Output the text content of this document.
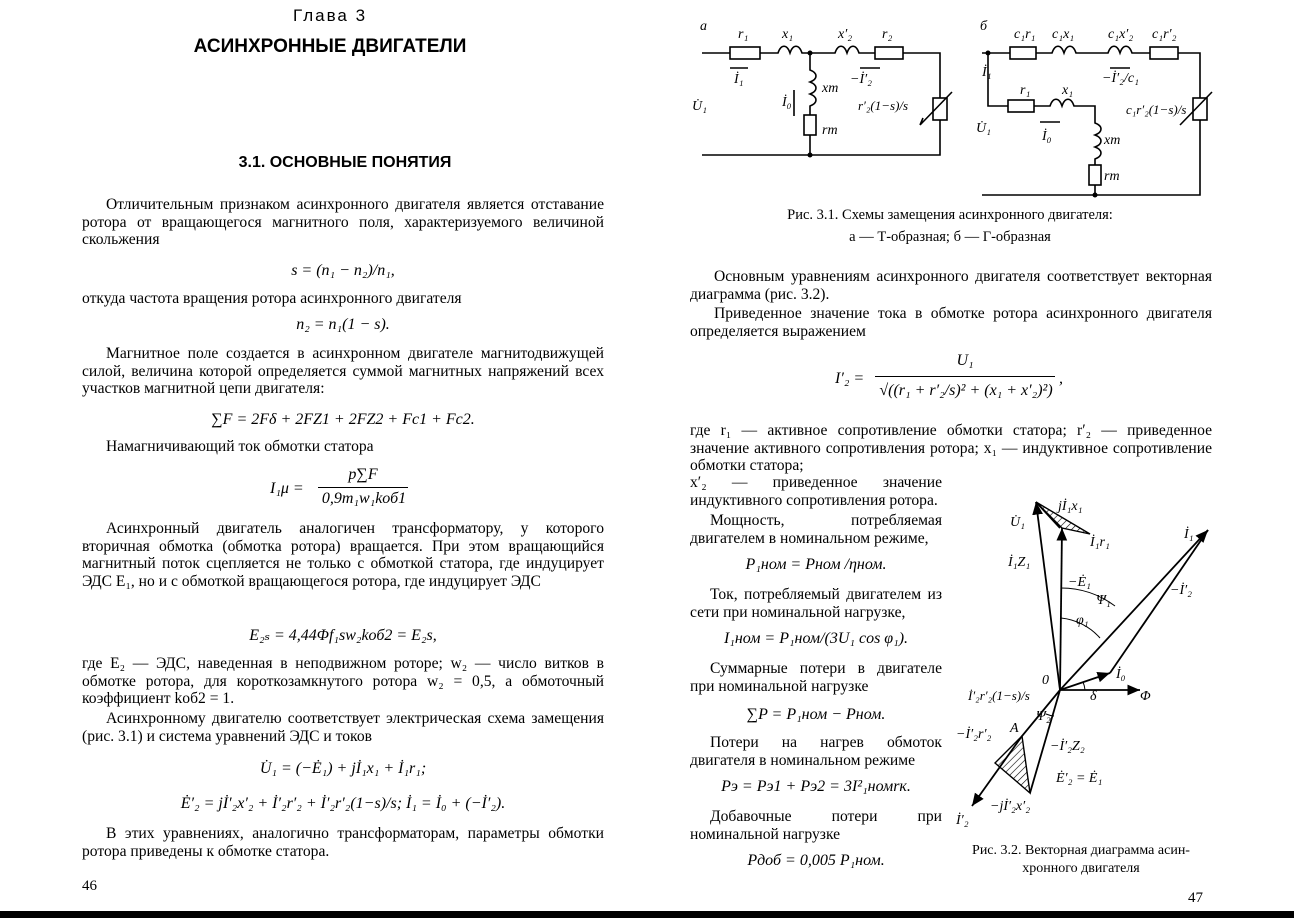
Глава 3
АСИНХРОННЫЕ ДВИГАТЕЛИ
3.1. ОСНОВНЫЕ ПОНЯТИЯ
Отличительным признаком асинхронного двигателя является отставание ротора от вращающегося магнитного поля, характеризуемого величиной скольжения
s = (n₁ − n₂)/n₁,
откуда частота вращения ротора асинхронного двигателя
n₂ = n₁(1 − s).
Магнитное поле создается в асинхронном двигателе магнитодвижущей силой, величина которой определяется суммой магнитных напряжений всех участков магнитной цепи двигателя:
∑F = 2Fδ + 2FZ1 + 2FZ2 + Fc1 + Fc2.
Намагничивающий ток обмотки статора
I₁μ =
p∑F
0,9m₁w₁kоб1
Асинхронный двигатель аналогичен трансформатору, у которого вторичная обмотка (обмотка ротора) вращается. При этом вращающийся магнитный поток сцепляется не только с обмоткой статора, где индуцирует ЭДС E₁, но и с обмоткой вращающегося ротора, где индуцирует ЭДС
E₂ₛ = 4,44Φf₁sw₂kоб2 = E₂s,
где E₂ — ЭДС, наведенная в неподвижном роторе; w₂ — число витков в обмотке ротора, для короткозамкнутого ротора w₂ = 0,5, а обмоточный коэффициент kоб2 = 1.
Асинхронному двигателю соответствует электрическая схема замещения (рис. 3.1) и система уравнений ЭДС и токов
U̇₁ = (−Ė₁) + jİ₁x₁ + İ₁r₁;
Ė′₂ = jİ′₂x′₂ + İ′₂r′₂ + İ′₂r′₂(1−s)/s; İ₁ = İ₀ + (−İ′₂).
В этих уравнениях, аналогично трансформаторам, параметры обмотки ротора приведены к обмотке статора.
46
а
r₁ x₁	x′₂ r₂
İ₁	−İ′₂
İ₀
xm
rm
U̇₁	r′₂(1−s)/s
б
c₁r₁ c₁x₁ c₁x′₂ c₁r′₂
İ₁	−İ′₂/c₁
r₁ x₁
İ₀	xm
rm
U̇₁
c₁r′₂(1−s)/s
Рис. 3.1. Схемы замещения асинхронного двигателя:
а — Т-образная; б — Г-образная
Основным уравнениям асинхронного двигателя соответствует векторная диаграмма (рис. 3.2).
Приведенное значение тока в обмотке ротора асинхронного двигателя определяется выражением
I′₂ =
U₁
√((r₁ + r′₂/s)² + (x₁ + x′₂)²)
,
где r₁ — активное сопротивление обмотки статора; r′₂ — приведенное значение активного сопротивления ротора; x₁ — индуктивное сопротивление обмотки статора;
x′₂ — приведенное значение индуктивного сопротивления ротора.
Мощность, потребляемая двигателем в номинальном режиме,
P₁ном = Pном /ηном.
Ток, потребляемый двигателем из сети при номинальной нагрузке,
I₁ном = P₁ном/(3U₁ cos φ₁).
Суммарные потери в двигателе при номинальной нагрузке
∑P = P₁ном − Pном.
Потери на нагрев обмоток двигателя в номинальном режиме
Pэ = Pэ1 + Pэ2 = 3I²₁номrк.
Добавочные потери при номинальной нагрузке
Pдоб = 0,005 P₁ном.
U̇₁
jİ₁x₁
İ₁r₁
İ₁Z₁
−Ė₁
Ψ₁
φ₁
İ₁
−İ′₂
0	İ₀
δ	Φ
İ′₂r′₂(1−s)/s
Ψ₂
A
−İ′₂r′₂
−İ′₂Z₂
Ė′₂ = Ė₁
İ′₂
−jİ′₂x′₂
Рис. 3.2. Векторная диаграмма асин-
хронного двигателя
47
